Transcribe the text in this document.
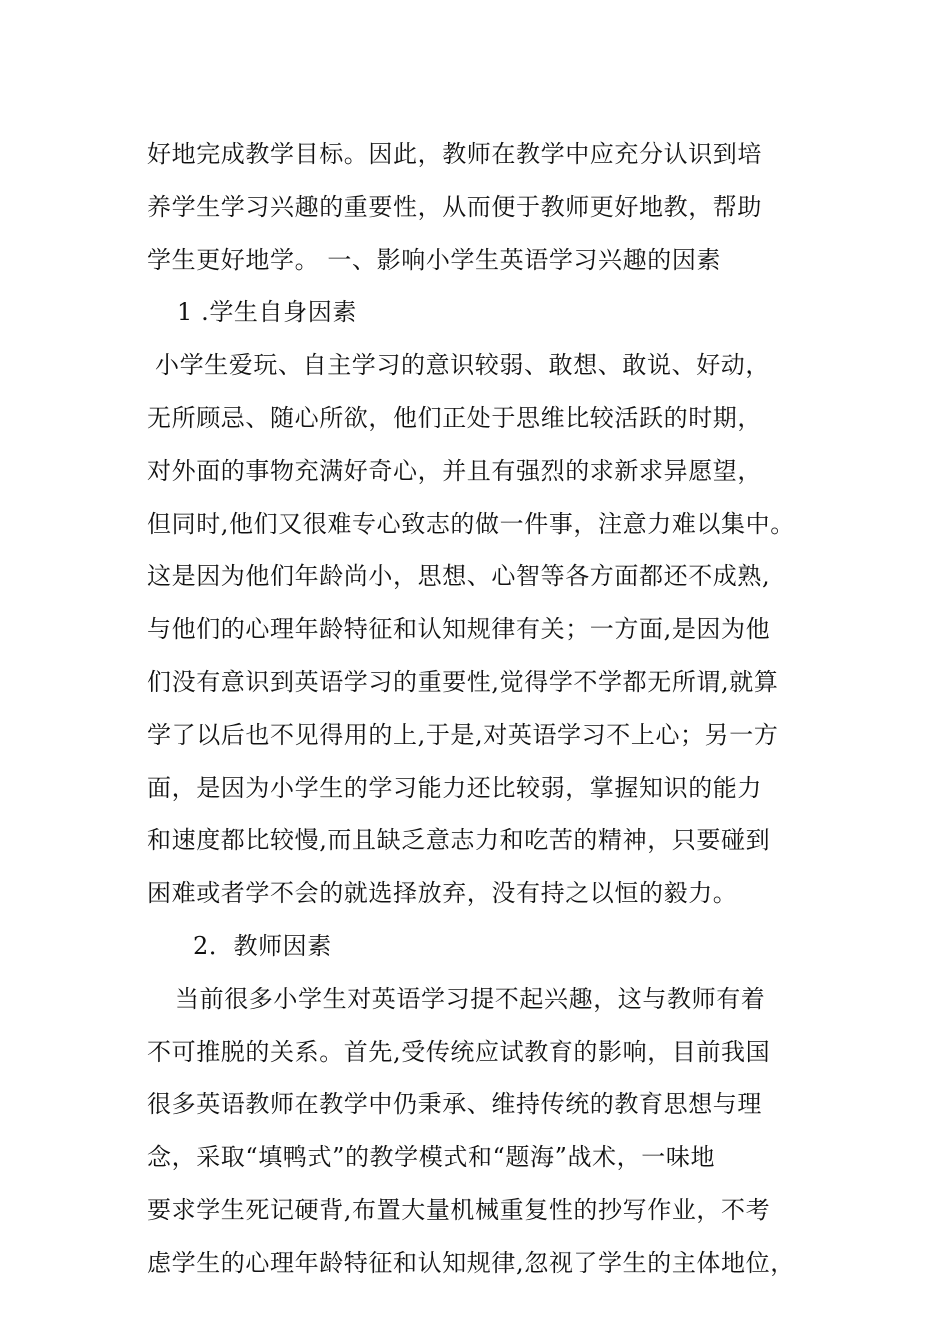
好地完成教学目标。因此，教师在教学中应充分认识到培
养学生学习兴趣的重要性，从而便于教师更好地教，帮助
学生更好地学。 一、影响小学生英语学习兴趣的因素
1 .学生自身因素
小学生爱玩、自主学习的意识较弱、敢想、敢说、好动，
无所顾忌、随心所欲，他们正处于思维比较活跃的时期，
对外面的事物充满好奇心，并且有强烈的求新求异愿望，
但同时,他们又很难专心致志的做一件事，注意力难以集中。
这是因为他们年龄尚小，思想、心智等各方面都还不成熟,
与他们的心理年龄特征和认知规律有关；一方面,是因为他
们没有意识到英语学习的重要性,觉得学不学都无所谓,就算
学了以后也不见得用的上,于是,对英语学习不上心；另一方
面，是因为小学生的学习能力还比较弱，掌握知识的能力
和速度都比较慢,而且缺乏意志力和吃苦的精神，只要碰到
困难或者学不会的就选择放弃，没有持之以恒的毅力。
2．教师因素
当前很多小学生对英语学习提不起兴趣，这与教师有着
不可推脱的关系。首先,受传统应试教育的影响，目前我国
很多英语教师在教学中仍秉承、维持传统的教育思想与理
念，采取“填鸭式”的教学模式和“题海”战术，一味地
要求学生死记硬背,布置大量机械重复性的抄写作业，不考
虑学生的心理年龄特征和认知规律,忽视了学生的主体地位，
